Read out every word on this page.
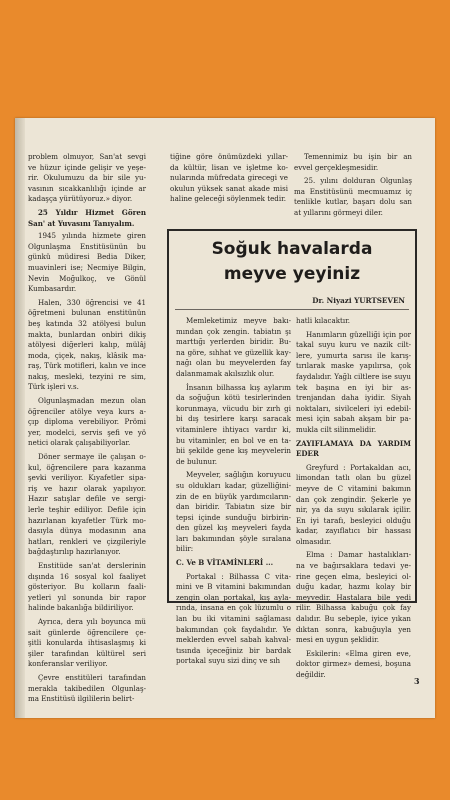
problem olmuyor, San'at sevgi ve hüzur içinde gelişir ve yeşe- rir. Okulumuzu da bir sile yu- vasının sıcakkanlılığı içinde ar kadaşça yürütüyoruz.» diyor.

25 Yıldır Hizmet Gören San' at Yuvasını Tanıyalım.

1945 yılında hizmete giren Olgunlaşma Enstitüsünün bu günkü müdiresi Bedia Diker, muavinleri ise; Necmiye Bilgin, Nevin Moğulkoç, ve Gönül Kumbasardır.

Halen, 330 öğrencisi ve 41 öğretmeni bulunan enstitünün beş katında 32 atölyesi bulun makta, bunlardan onbiri dikiş atölyesi diğerleri kalıp, mülâj moda, çiçek, nakış, klâsik ma- raş, Türk motifleri, kalın ve ince nakış, mesleki, tezyini re sim, Türk işleri v.s.

Olgunlaşmadan mezun olan öğrenciler atölye veya kurs a- çıp diploma verebiliyor. Prömi yer, modelci, servis şefi ve yö netici olarak çalışabiliyorlar.

Döner sermaye ile çalışan o- kul, öğrencilere para kazanma şevki veriliyor. Kıyafetler sipa- riş ve hazır olarak yapılıyor. Hazır satışlar defile ve sergi- lerle teşhir ediliyor. Defile için hazırlanan kıyafetler Türk mo- dasıyla dünya modasının ana hatları, renkleri ve çizgileriyle bağdaştırılıp hazırlanıyor.

Enstitüde san'at derslerinin dışında 16 sosyal kol faaliyet gösteriyor. Bu kolların faali- yetleri yıl sonunda bir rapor halinde bakanlığa bildiriliyor.

Ayrıca, dera yılı boyunca mü sait günlerde öğrencilere çe- şitli konularda ihtisaslaşmış ki şiler tarafından kültürel seri konferanslar veriliyor.

Çevre enstitüleri tarafından merakla takibedilen Olgunlaş- ma Enstitüsü ilgililerin belirt-

tiğine göre önümüzdeki yıllar- da kültür, lisan ve işletme ko- nularında müfredata girecegi ve okulun yüksek sanat akade misi haline geleceği söylenmek tedir.

Temennimiz bu işin bir an evvel gerçekleşmesidir.

25. yılını dolduran Olgunlaş ma Enstitüsünü mecmuamız iç tenlikle kutlar, başarı dolu san at yıllarını görmeyi diler.

Soğuk havalarda
meyve yeyiniz
Dr. Niyazi YURTSEVEN

Memleketimiz meyve bakı- mından çok zengin. tabiatın şı marttığı yerlerden biridir. Bu- na göre, sıhhat ve güzellik kay- nağı olan bu meyvelerden fay dalanmamak akılsızlık olur.

İnsanın bilhassa kış aylarım da soğuğun kötü tesirlerinden korunmaya, vücudu bir zırh gi bi dış tesirlere karşı saracak vitaminlere ihtiyacı vardır ki, bu vitaminler, en bol ve en ta- bii şekilde gene kış meyvelerin de bulunur.

Meyveler, sağlığın koruyucu su oldukları kadar, güzelliğini- zin de en büyük yardımcıların- dan biridir. Tabiatın size bir tepsi içinde sunduğu birbirin- den güzel kış meyveleri fayda ları bakımından şöyle sıralana bilir:

C. Ve B VİTAMİNLERİ ...

Portakal : Bilhassa C vita- mini ve B vitamini bakımından zengin olan portakal, kış ayla- rında, insana en çok lüzumlu o lan bu iki vitamini sağlaması bakımından çok faydalıdır. Ye meklerden evvel sabah kahval- tısında içeceğiniz bir bardak portakal suyu sizi dinç ve sıh

hatli kılacaktır.

Hanımların güzelliği için por takal suyu kuru ve nazik cilt- lere, yumurta sarısı ile karış- tırılarak maske yapılırsa, çok faydalıdır. Yağlı ciltlere ise suyu tek başına en iyi bir as- trenjandan daha iyidir. Siyah noktaları, sivilceleri iyi edebil- mesi için sabah akşam bir pa- mukla cilt silinmelidir.

ZAYIFLAMAYA DA YARDIM EDER

Greyfurd : Portakaldan acı, limondan tatlı olan bu güzel meyve de C vitamini bakımın dan çok zengindir. Şekerle ye nir, ya da suyu sıkılarak içilir. En iyi tarafı, besleyici olduğu kadar, zayıflatıcı bir hassası olmasıdır.

Elma : Damar hastalıkları- na ve bağırsaklara tedavi ye- rine geçen elma, besleyici ol- duğu kadar, hazmı kolay bir meyvedir. Hastalara bile yedi rilir. Bilhassa kabuğu çok fay dalıdır. Bu sebeple, iyice yıkan dıktan sonra, kabuğuyla yen mesi en uygun şeklidir.

Eskilerin: «Elma giren eve, doktor girmez» demesi, boşuna değildir.

3
